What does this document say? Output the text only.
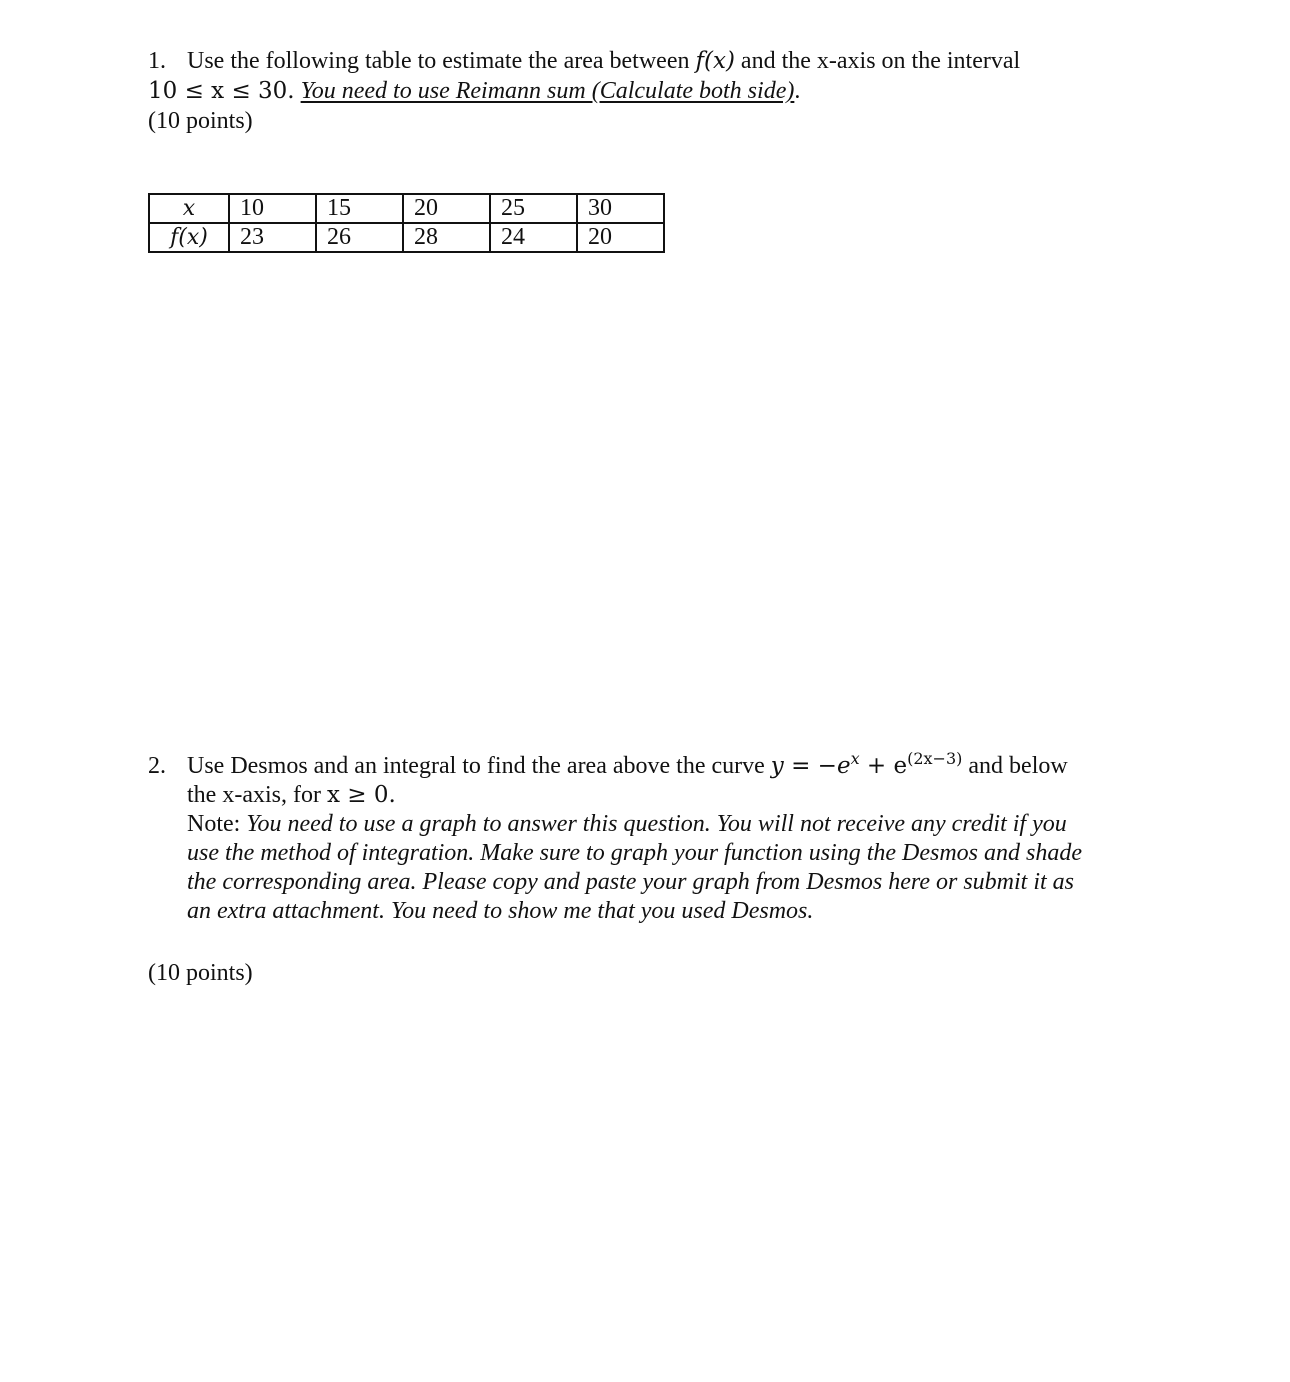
1. Use the following table to estimate the area between f(x) and the x-axis on the interval
10 ≤ x ≤ 30. You need to use Reimann sum (Calculate both side).
(10 points)
x	10	15	20	25	30
f(x)	23	26	28	24	20
2. Use Desmos and an integral to find the area above the curve $y = -e^x + e^{(2x-3)}$ and below
the x-axis, for x ≥ 0.
Note: You need to use a graph to answer this question. You will not receive any credit if you
use the method of integration. Make sure to graph your function using the Desmos and shade
the corresponding area. Please copy and paste your graph from Desmos here or submit it as
an extra attachment. You need to show me that you used Desmos.
(10 points)
